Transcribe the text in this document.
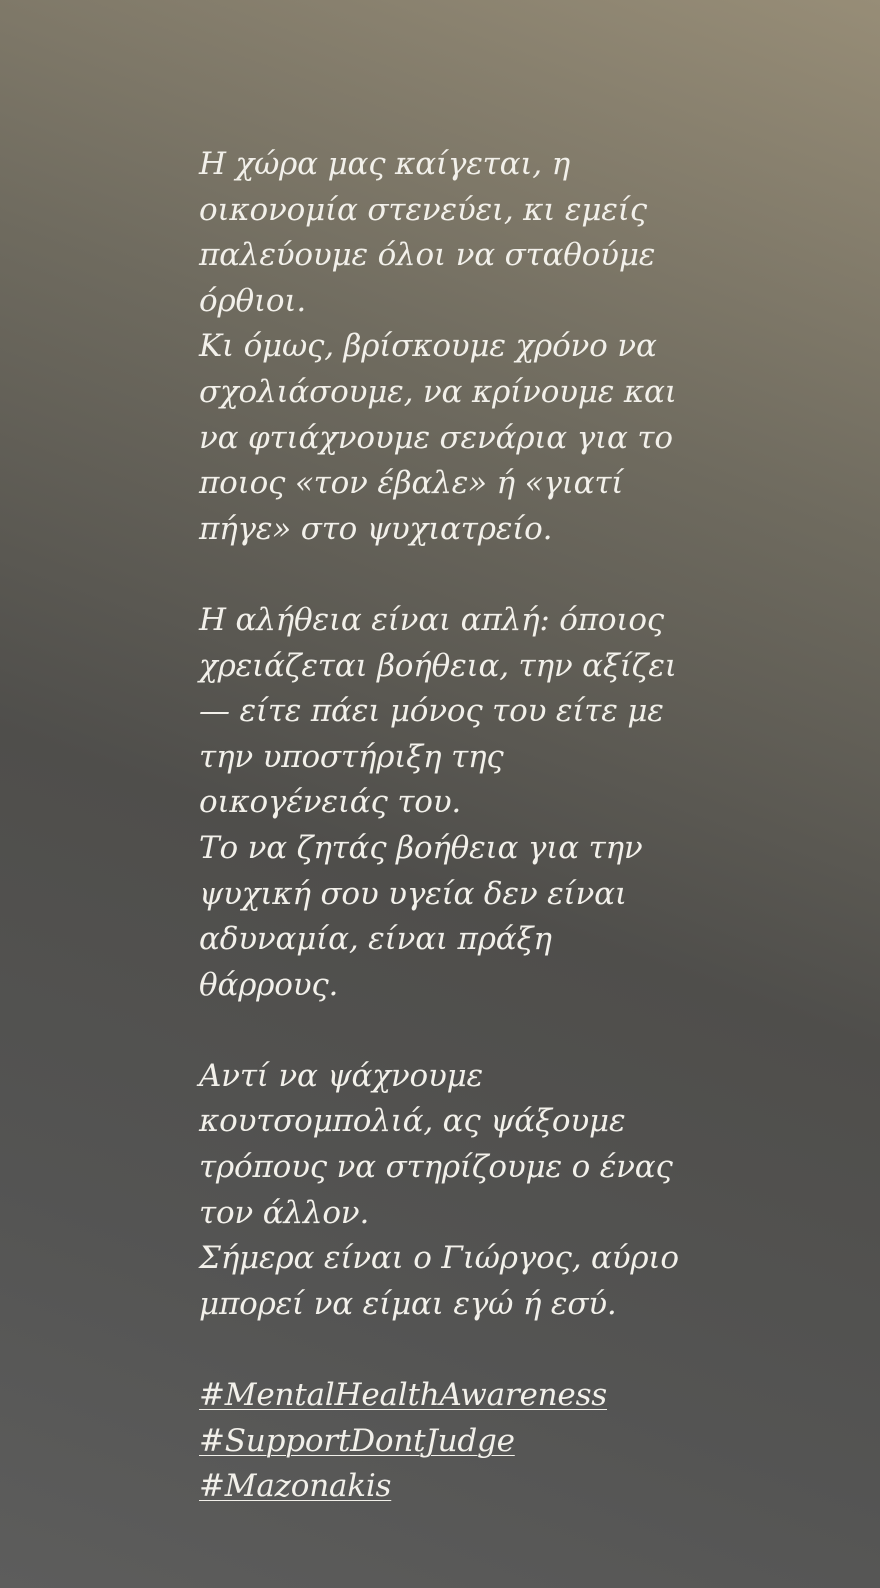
Η χώρα μας καίγεται, η
οικονομία στενεύει, κι εμείς
παλεύουμε όλοι να σταθούμε
όρθιοι.
Κι όμως, βρίσκουμε χρόνο να
σχολιάσουμε, να κρίνουμε και
να φτιάχνουμε σενάρια για το
ποιος «τον έβαλε» ή «γιατί
πήγε» στο ψυχιατρείο.
Η αλήθεια είναι απλή: όποιος
χρειάζεται βοήθεια, την αξίζει
— είτε πάει μόνος του είτε με
την υποστήριξη της
οικογένειάς του.
Το να ζητάς βοήθεια για την
ψυχική σου υγεία δεν είναι
αδυναμία, είναι πράξη
θάρρους.
Αντί να ψάχνουμε
κουτσομπολιά, ας ψάξουμε
τρόπους να στηρίζουμε ο ένας
τον άλλον.
Σήμερα είναι ο Γιώργος, αύριο
μπορεί να είμαι εγώ ή εσύ.
#MentalHealthAwareness
#SupportDontJudge
#Mazonakis
